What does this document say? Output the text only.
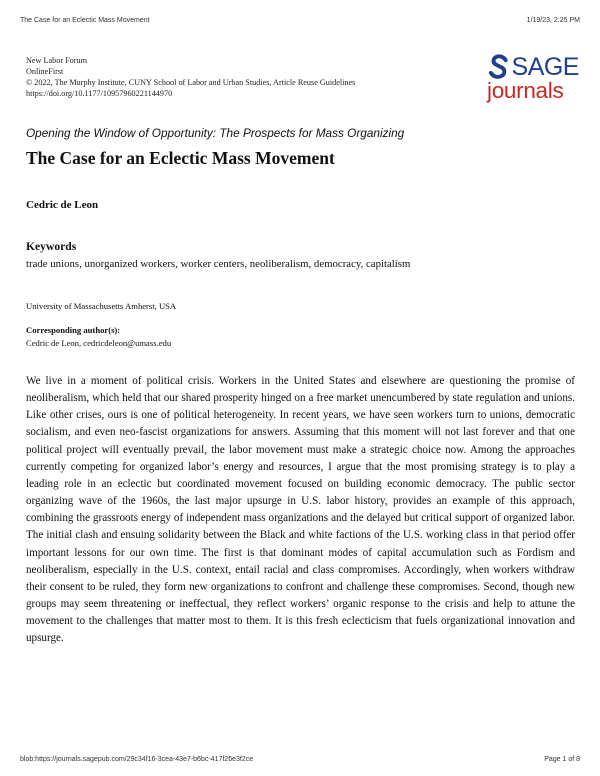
The Case for an Eclectic Mass Movement	1/19/23, 2:25 PM
New Labor Forum
OnlineFirst
© 2022, The Murphy Institute, CUNY School of Labor and Urban Studies, Article Reuse Guidelines
https://doi.org/10.1177/10957960221144970
SAGE
journals
Opening the Window of Opportunity: The Prospects for Mass Organizing
The Case for an Eclectic Mass Movement
Cedric de Leon
Keywords
trade unions, unorganized workers, worker centers, neoliberalism, democracy, capitalism
University of Massachusetts Amherst, USA
Corresponding author(s):
Cedric de Leon, cedricdeleon@umass.edu
We live in a moment of political crisis. Workers in the United States and elsewhere are questioning the promise of neoliberalism, which held that our shared prosperity hinged on a free market unencumbered by state regulation and unions. Like other crises, ours is one of political heterogeneity. In recent years, we have seen workers turn to unions, democratic socialism, and even neo-fascist organizations for answers. Assuming that this moment will not last forever and that one political project will eventually prevail, the labor movement must make a strategic choice now. Among the approaches currently competing for organized labor’s energy and resources, I argue that the most promising strategy is to play a leading role in an eclectic but coordinated movement focused on building economic democracy. The public sector organizing wave of the 1960s, the last major upsurge in U.S. labor history, provides an example of this approach, combining the grassroots energy of independent mass organizations and the delayed but critical support of organized labor. The initial clash and ensuing solidarity between the Black and white factions of the U.S. working class in that period offer important lessons for our own time. The first is that dominant modes of capital accumulation such as Fordism and neoliberalism, especially in the U.S. context, entail racial and class compromises. Accordingly, when workers withdraw their consent to be ruled, they form new organizations to confront and challenge these compromises. Second, though new groups may seem threatening or ineffectual, they reflect workers’ organic response to the crisis and help to attune the movement to the challenges that matter most to them. It is this fresh eclecticism that fuels organizational innovation and upsurge.
blob:https://journals.sagepub.com/29c34f16-3cea-43e7-b6bc-417f26e3f2ce	Page 1 of 8
